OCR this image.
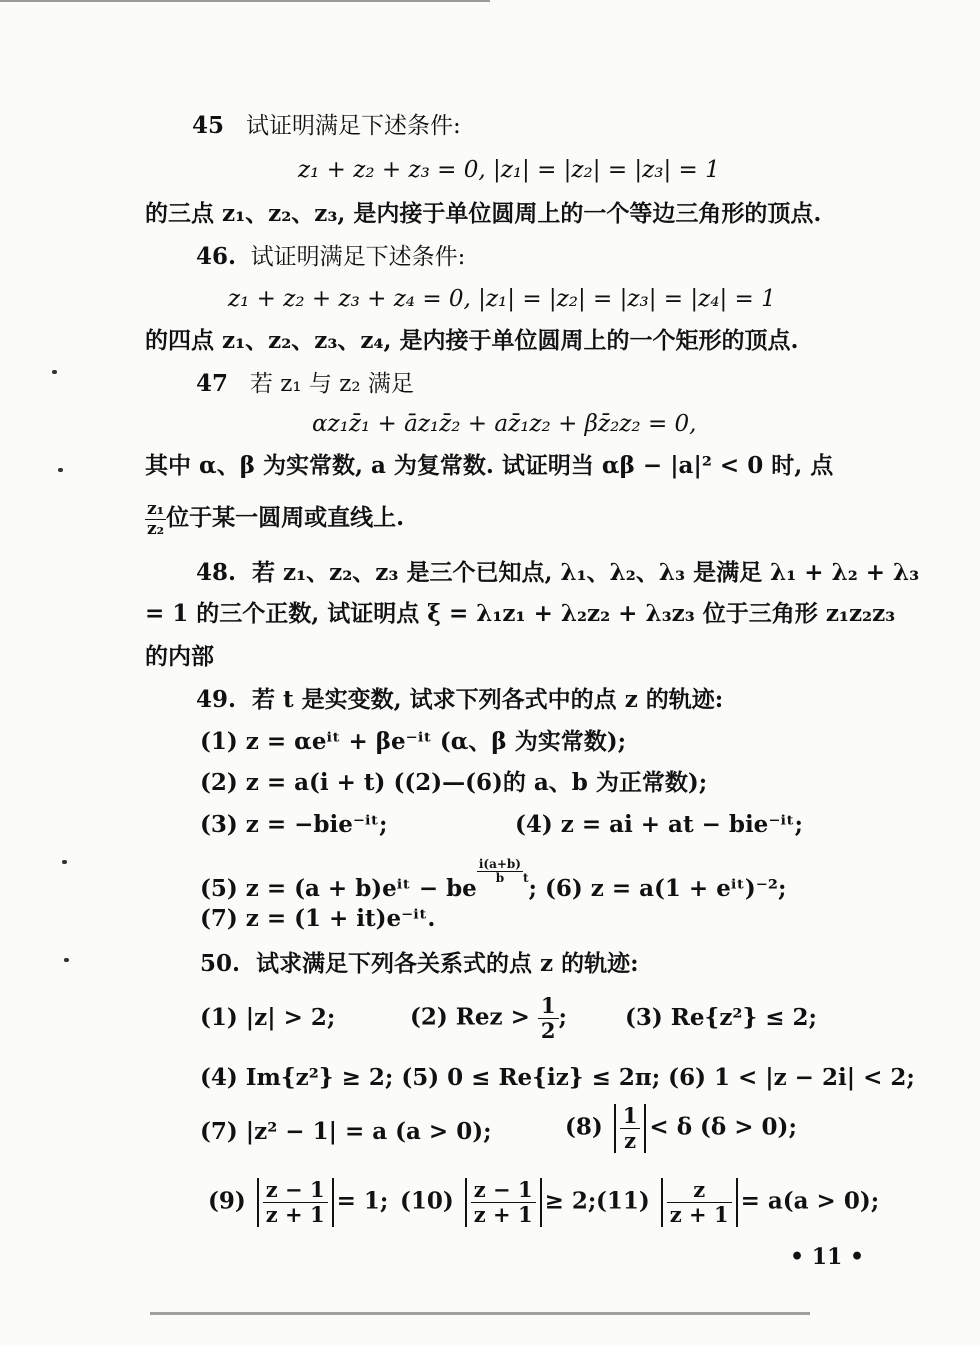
45 试证明满足下述条件:
z₁ + z₂ + z₃ = 0, |z₁| = |z₂| = |z₃| = 1
的三点 z₁、z₂、z₃, 是内接于单位圆周上的一个等边三角形的顶点.
46. 试证明满足下述条件:
z₁ + z₂ + z₃ + z₄ = 0, |z₁| = |z₂| = |z₃| = |z₄| = 1
的四点 z₁、z₂、z₃、z₄, 是内接于单位圆周上的一个矩形的顶点.
47 若 z₁ 与 z₂ 满足
αz₁z̄₁ + āz₁z̄₂ + az̄₁z₂ + βz̄₂z₂ = 0,
其中 α、β 为实常数, a 为复常数. 试证明当 αβ − |a|² < 0 时, 点
$\frac{\text{z₁}}{\text{z₂}}$ 位于某一圆周或直线上.
48. 若 z₁、z₂、z₃ 是三个已知点, λ₁、λ₂、λ₃ 是满足 λ₁ + λ₂ + λ₃
= 1 的三个正数, 试证明点 ξ = λ₁z₁ + λ₂z₂ + λ₃z₃ 位于三角形 z₁z₂z₃
的内部
49. 若 t 是实变数, 试求下列各式中的点 z 的轨迹:
(1) z = αeⁱᵗ + βe⁻ⁱᵗ (α、β 为实常数);
(2) z = a(i + t) ((2)—(6)的 a、b 为正常数);
(3) z = −bie⁻ⁱᵗ;	(4) z = ai + at − bie⁻ⁱᵗ;
(5) z = (a + b)eⁱᵗ − be
$\frac{i(a+b)}{b} ^t$; (6) z = a(1 + eⁱᵗ)⁻²;
(7) z = (1 + it)e⁻ⁱᵗ.
50. 试求满足下列各关系式的点 z 的轨迹:
(1) |z| > 2;	(2) Rez > $\frac{1}{2}$ ;	(3) Re{z²} ≤ 2;
(4) Im{z²} ≥ 2; (5) 0 ≤ Re{iz} ≤ 2π; (6) 1 < |z − 2i| < 2;
(7) |z² − 1| = a (a > 0);	$(8) \frac{1}{z} < \delta$ (δ > 0);
$(9) \frac{z - 1}{z + 1} = 1$; $(10) \frac{z - 1}{z + 1} \ge 2$; $(11) \frac{z}{z + 1} = a(a > 0)$;
• 11 •
